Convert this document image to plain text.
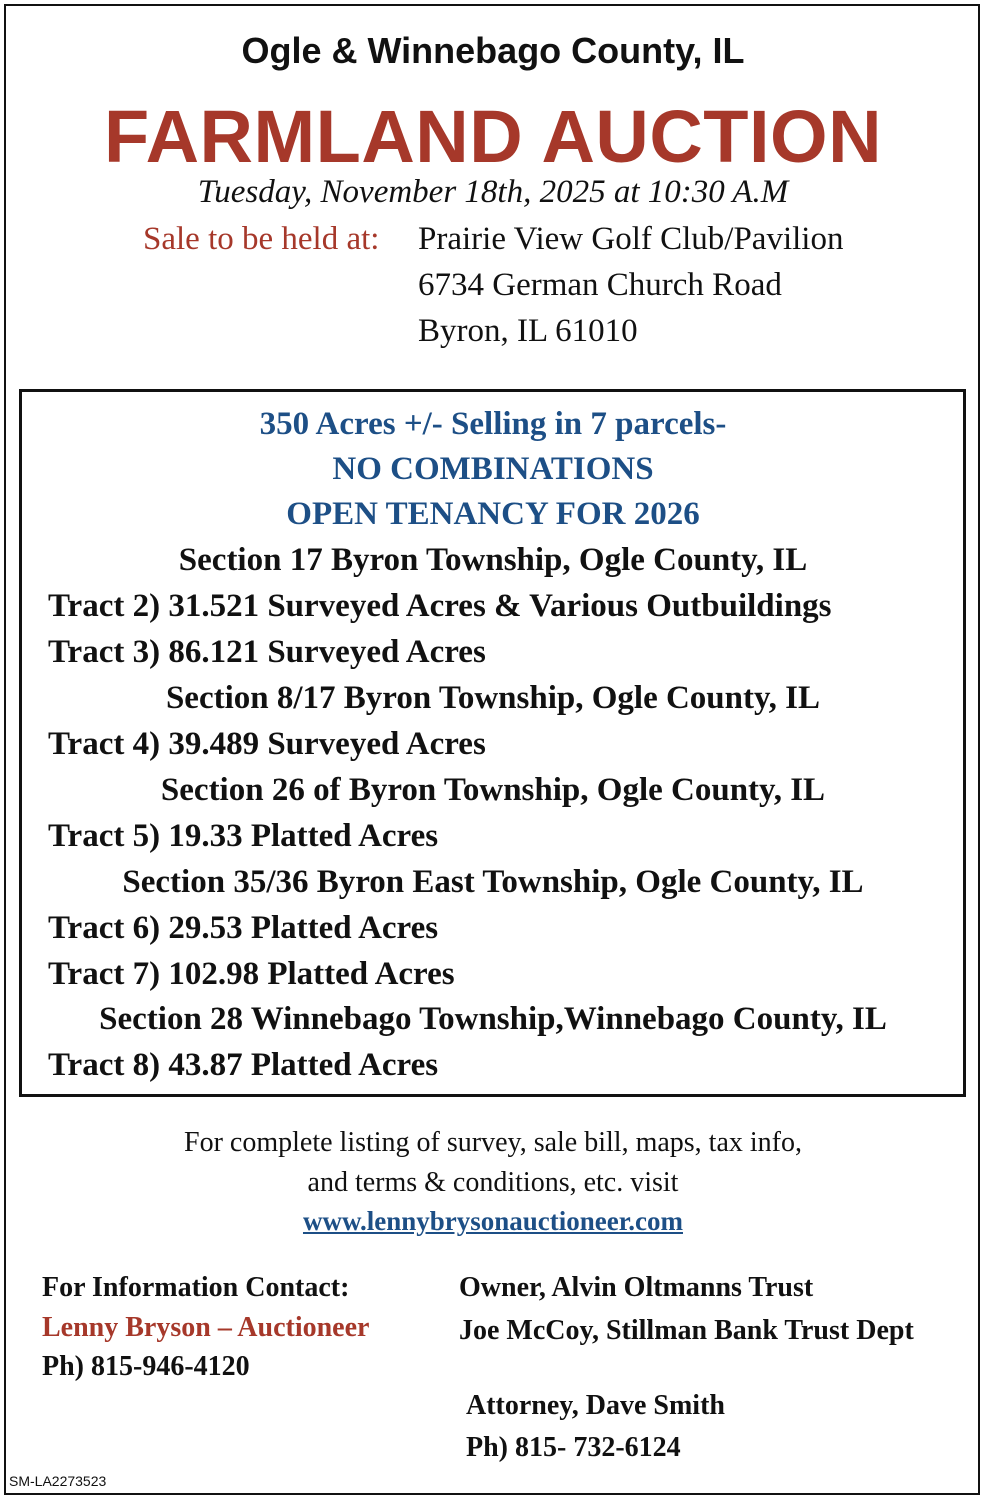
Ogle & Winnebago County, IL
FARMLAND AUCTION
Tuesday, November 18th, 2025 at 10:30 A.M
Sale to be held at: Prairie View Golf Club/Pavilion
6734 German Church Road
Byron, IL 61010
350 Acres +/- Selling in 7 parcels-
NO COMBINATIONS
OPEN TENANCY FOR 2026
Section 17 Byron Township, Ogle County, IL
Tract 2) 31.521 Surveyed Acres & Various Outbuildings
Tract 3) 86.121 Surveyed Acres
Section 8/17 Byron Township, Ogle County, IL
Tract 4) 39.489 Surveyed Acres
Section 26 of Byron Township, Ogle County, IL
Tract 5) 19.33 Platted Acres
Section 35/36 Byron East Township, Ogle County, IL
Tract 6) 29.53 Platted Acres
Tract 7) 102.98 Platted Acres
Section 28 Winnebago Township,Winnebago County, IL
Tract 8) 43.87 Platted Acres
For complete listing of survey, sale bill, maps, tax info,
and terms & conditions, etc. visit
www.lennybrysonauctioneer.com
For Information Contact:
Lenny Bryson – Auctioneer
Ph) 815-946-4120
Owner, Alvin Oltmanns Trust
Joe McCoy, Stillman Bank Trust Dept
Attorney, Dave Smith
Ph) 815- 732-6124
SM-LA2273523
